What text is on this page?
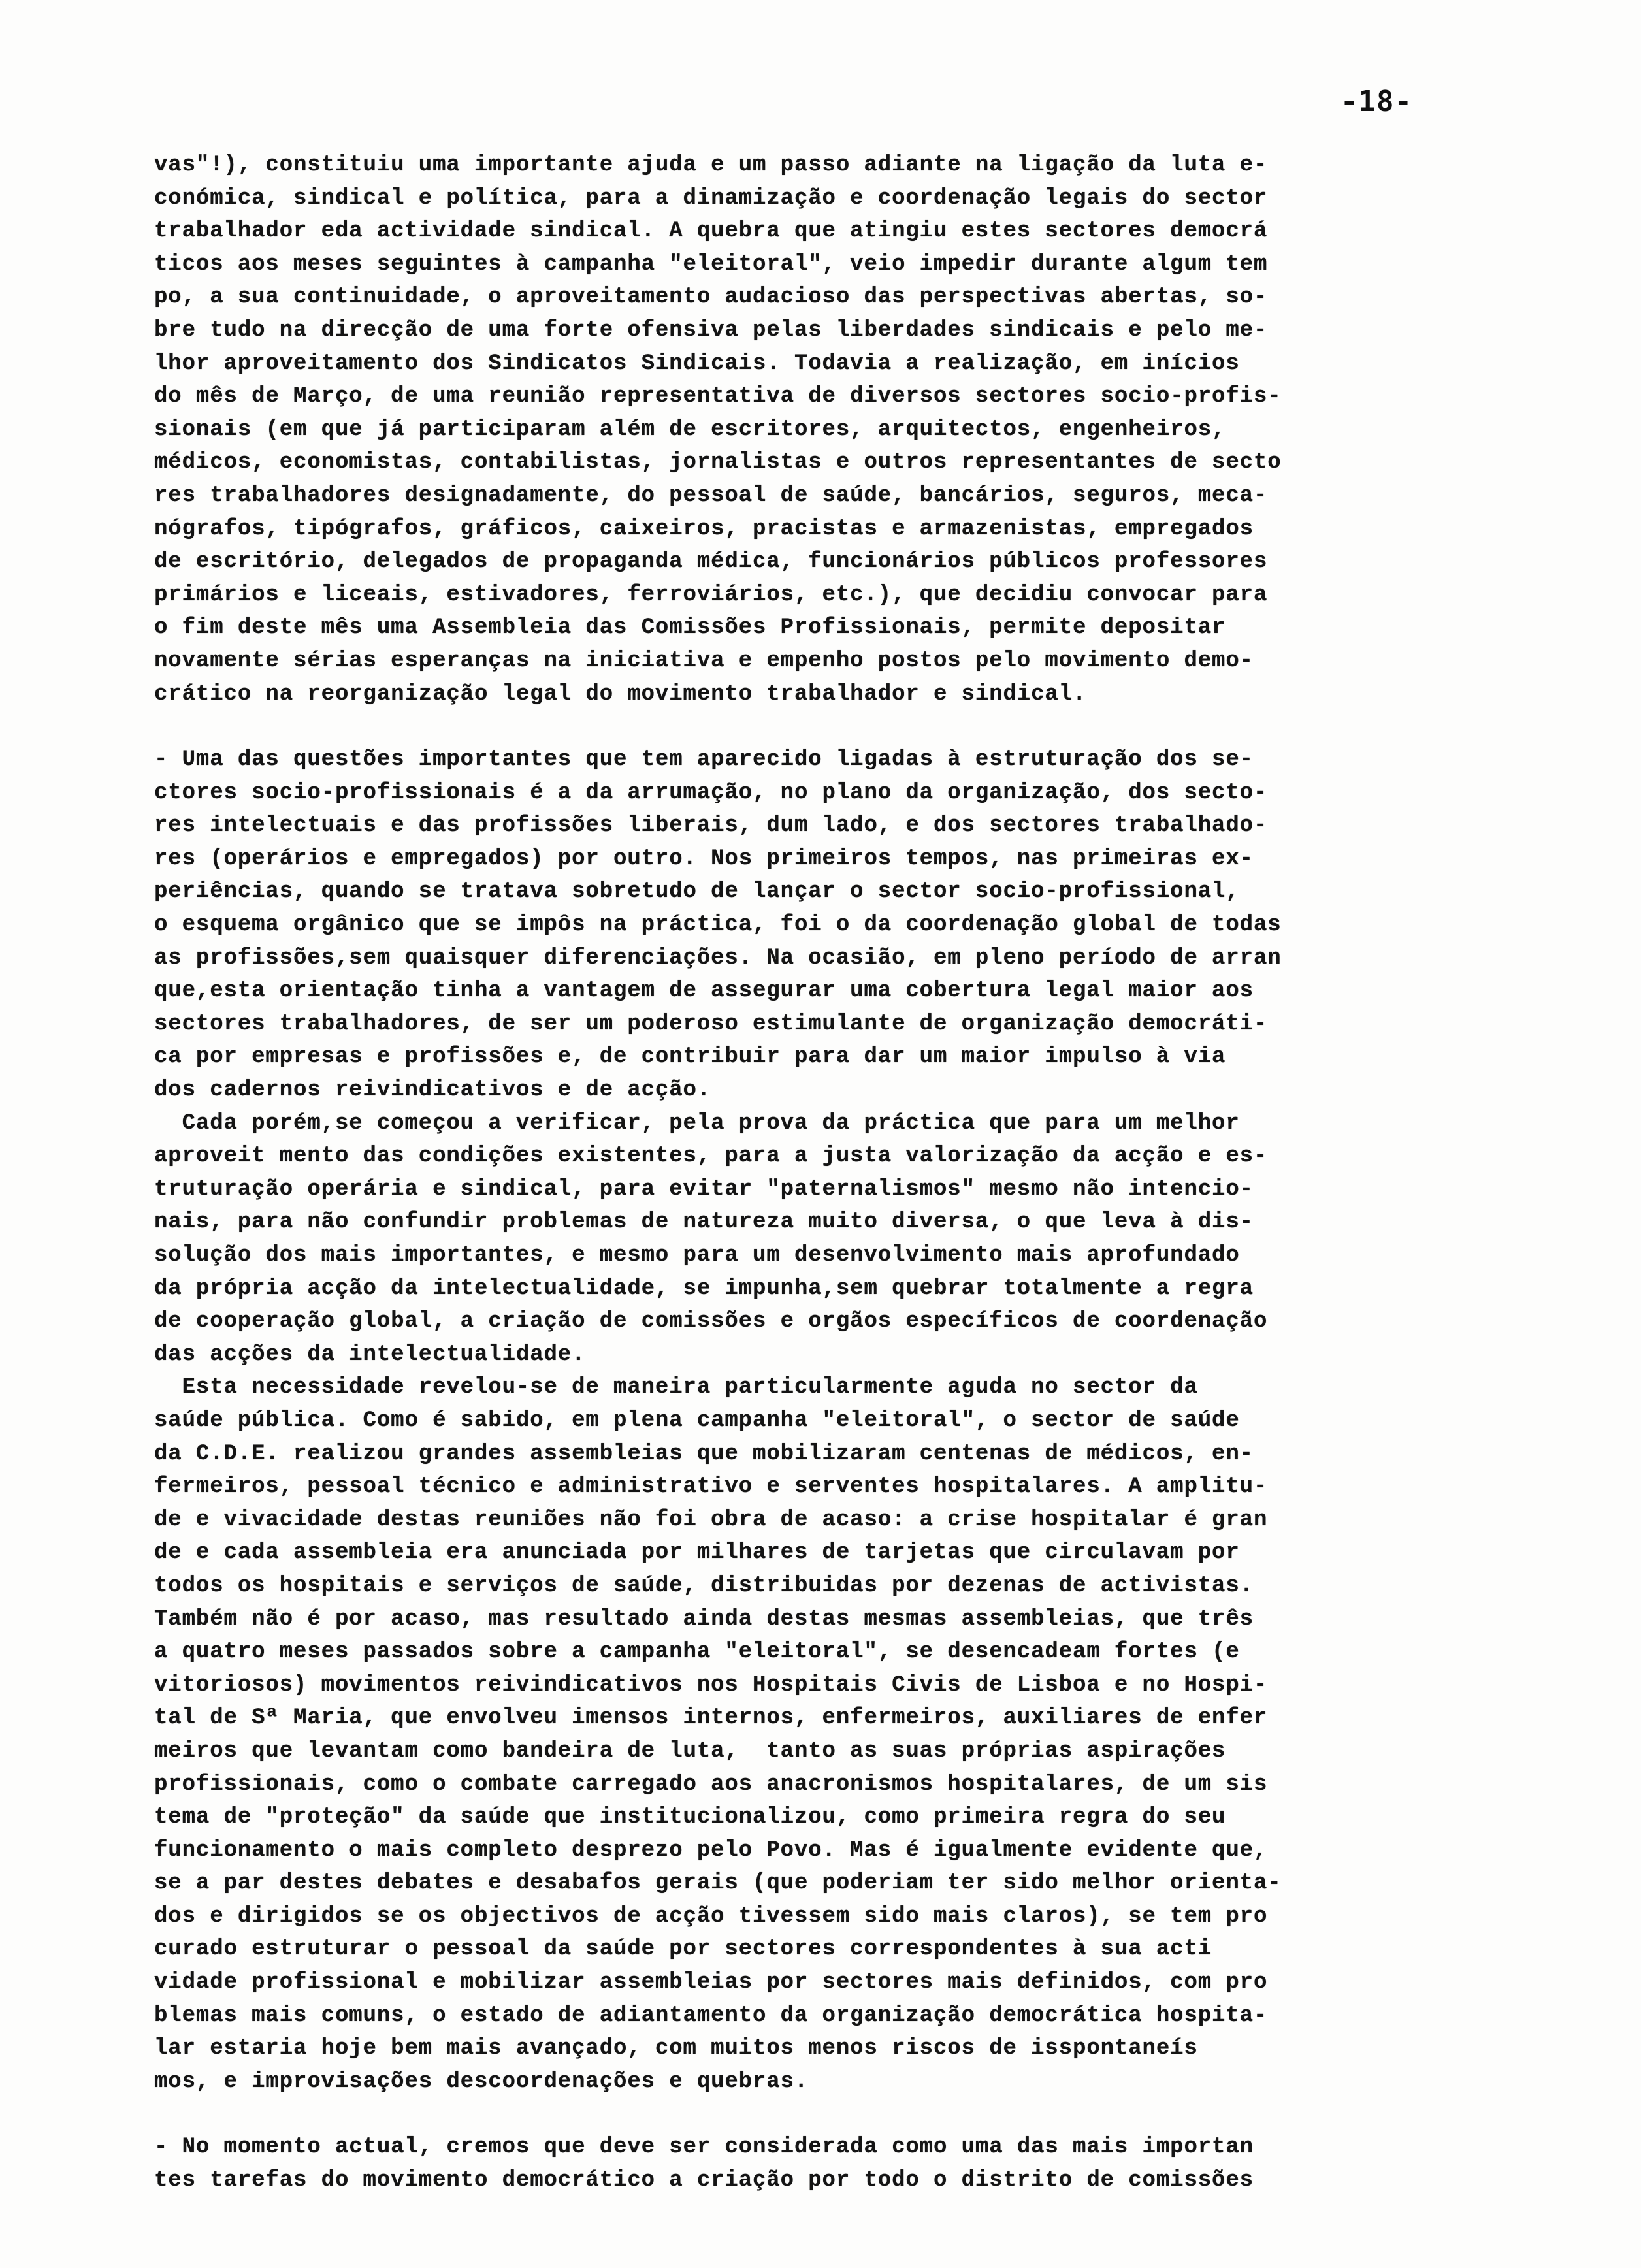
-18-
vas"!), constituiu uma importante ajuda e um passo adiante na ligação da luta e-
conómica, sindical e política, para a dinamização e coordenação legais do sector
trabalhador eda actividade sindical. A quebra que atingiu estes sectores democrá
ticos aos meses seguintes à campanha "eleitoral", veio impedir durante algum tem
po, a sua continuidade, o aproveitamento audacioso das perspectivas abertas, so-
bre tudo na direcção de uma forte ofensiva pelas liberdades sindicais e pelo me-
lhor aproveitamento dos Sindicatos Sindicais. Todavia a realização, em inícios
do mês de Março, de uma reunião representativa de diversos sectores socio-profis-
sionais (em que já participaram além de escritores, arquitectos, engenheiros,
médicos, economistas, contabilistas, jornalistas e outros representantes de secto
res trabalhadores designadamente, do pessoal de saúde, bancários, seguros, meca-
nógrafos, tipógrafos, gráficos, caixeiros, pracistas e armazenistas, empregados
de escritório, delegados de propaganda médica, funcionários públicos professores
primários e liceais, estivadores, ferroviários, etc.), que decidiu convocar para
o fim deste mês uma Assembleia das Comissões Profissionais, permite depositar
novamente sérias esperanças na iniciativa e empenho postos pelo movimento demo-
crático na reorganização legal do movimento trabalhador e sindical.
- Uma das questões importantes que tem aparecido ligadas à estruturação dos se-
ctores socio-profissionais é a da arrumação, no plano da organização, dos secto-
res intelectuais e das profissões liberais, dum lado, e dos sectores trabalhado-
res (operários e empregados) por outro. Nos primeiros tempos, nas primeiras ex-
periências, quando se tratava sobretudo de lançar o sector socio-profissional,
o esquema orgânico que se impôs na práctica, foi o da coordenação global de todas
as profissões,sem quaisquer diferenciações. Na ocasião, em pleno período de arran
que,esta orientação tinha a vantagem de assegurar uma cobertura legal maior aos
sectores trabalhadores, de ser um poderoso estimulante de organização democráti-
ca por empresas e profissões e, de contribuir para dar um maior impulso à via
dos cadernos reivindicativos e de acção.
Cada porém,se começou a verificar, pela prova da práctica que para um melhor
aproveit mento das condições existentes, para a justa valorização da acção e es-
truturação operária e sindical, para evitar "paternalismos" mesmo não intencio-
nais, para não confundir problemas de natureza muito diversa, o que leva à dis-
solução dos mais importantes, e mesmo para um desenvolvimento mais aprofundado
da própria acção da intelectualidade, se impunha,sem quebrar totalmente a regra
de cooperação global, a criação de comissões e orgãos específicos de coordenação
das acções da intelectualidade.
Esta necessidade revelou-se de maneira particularmente aguda no sector da
saúde pública. Como é sabido, em plena campanha "eleitoral", o sector de saúde
da C.D.E. realizou grandes assembleias que mobilizaram centenas de médicos, en-
fermeiros, pessoal técnico e administrativo e serventes hospitalares. A amplitu-
de e vivacidade destas reuniões não foi obra de acaso: a crise hospitalar é gran
de e cada assembleia era anunciada por milhares de tarjetas que circulavam por
todos os hospitais e serviços de saúde, distribuidas por dezenas de activistas.
Também não é por acaso, mas resultado ainda destas mesmas assembleias, que três
a quatro meses passados sobre a campanha "eleitoral", se desencadeam fortes (e
vitoriosos) movimentos reivindicativos nos Hospitais Civis de Lisboa e no Hospi-
tal de Sª Maria, que envolveu imensos internos, enfermeiros, auxiliares de enfer
meiros que levantam como bandeira de luta,  tanto as suas próprias aspirações
profissionais, como o combate carregado aos anacronismos hospitalares, de um sis
tema de "proteção" da saúde que institucionalizou, como primeira regra do seu
funcionamento o mais completo desprezo pelo Povo. Mas é igualmente evidente que,
se a par destes debates e desabafos gerais (que poderiam ter sido melhor orienta-
dos e dirigidos se os objectivos de acção tivessem sido mais claros), se tem pro
curado estruturar o pessoal da saúde por sectores correspondentes à sua acti
vidade profissional e mobilizar assembleias por sectores mais definidos, com pro
blemas mais comuns, o estado de adiantamento da organização democrática hospita-
lar estaria hoje bem mais avançado, com muitos menos riscos de isspontaneís
mos, e improvisações descoordenações e quebras.
- No momento actual, cremos que deve ser considerada como uma das mais importan
tes tarefas do movimento democrático a criação por todo o distrito de comissões
